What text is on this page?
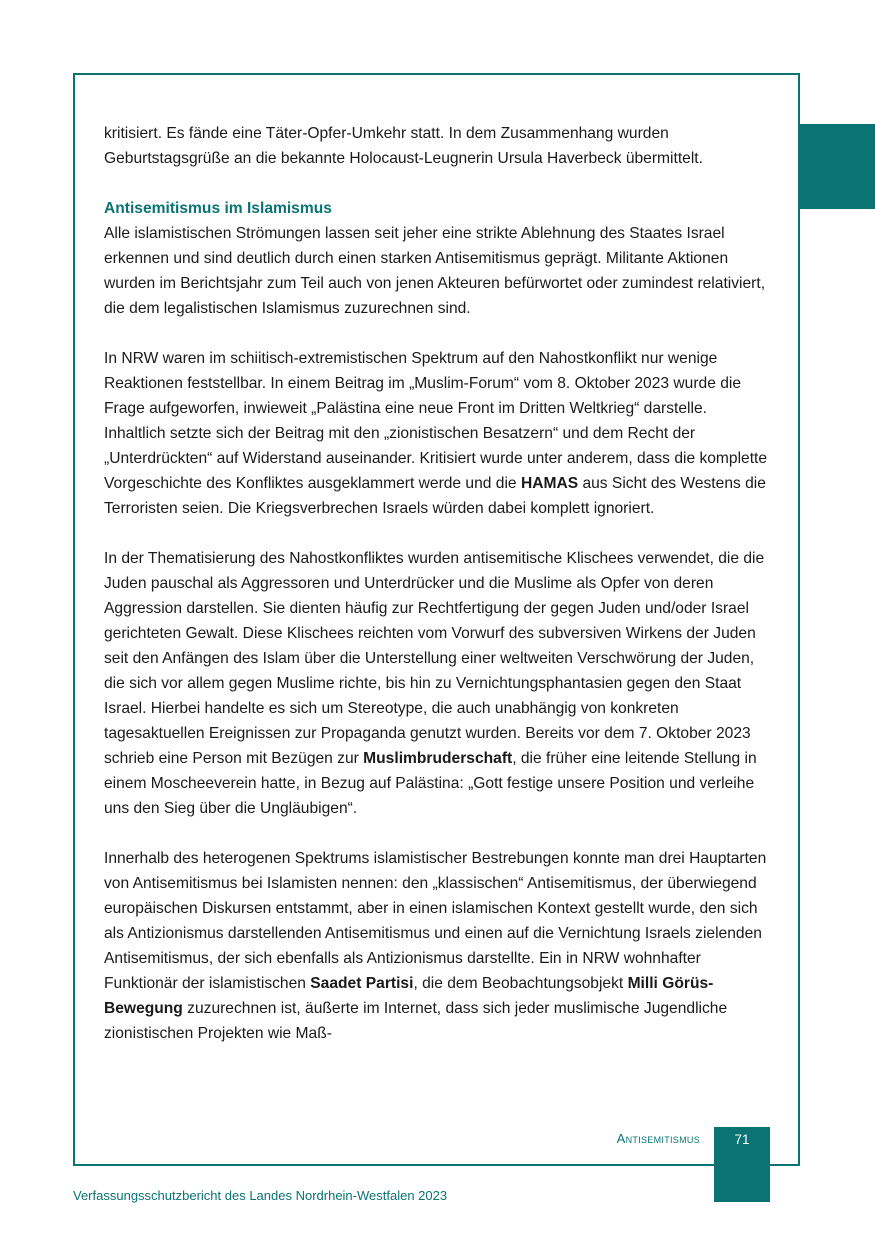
kritisiert. Es fände eine Täter-Opfer-Umkehr statt. In dem Zusammenhang wurden Geburtstagsgrüße an die bekannte Holocaust-Leugnerin Ursula Haverbeck übermittelt.

Antisemitismus im Islamismus

Alle islamistischen Strömungen lassen seit jeher eine strikte Ablehnung des Staates Israel erkennen und sind deutlich durch einen starken Antisemitismus geprägt. Militante Aktionen wurden im Berichtsjahr zum Teil auch von jenen Akteuren befürwortet oder zumindest relativiert, die dem legalistischen Islamismus zuzurechnen sind.

In NRW waren im schiitisch-extremistischen Spektrum auf den Nahostkonflikt nur wenige Reaktionen feststellbar. In einem Beitrag im „Muslim-Forum“ vom 8. Oktober 2023 wurde die Frage aufgeworfen, inwieweit „Palästina eine neue Front im Dritten Weltkrieg“ darstelle. Inhaltlich setzte sich der Beitrag mit den „zionistischen Besatzern“ und dem Recht der „Unterdrückten“ auf Widerstand auseinander. Kritisiert wurde unter anderem, dass die komplette Vorgeschichte des Konfliktes ausgeklammert werde und die HAMAS aus Sicht des Westens die Terroristen seien. Die Kriegsverbrechen Israels würden dabei komplett ignoriert.

In der Thematisierung des Nahostkonfliktes wurden antisemitische Klischees verwendet, die die Juden pauschal als Aggressoren und Unterdrücker und die Muslime als Opfer von deren Aggression darstellen. Sie dienten häufig zur Rechtfertigung der gegen Juden und/oder Israel gerichteten Gewalt. Diese Klischees reichten vom Vorwurf des subversiven Wirkens der Juden seit den Anfängen des Islam über die Unterstellung einer weltweiten Verschwörung der Juden, die sich vor allem gegen Muslime richte, bis hin zu Vernichtungsphantasien gegen den Staat Israel. Hierbei handelte es sich um Stereotype, die auch unabhängig von konkreten tagesaktuellen Ereignissen zur Propaganda genutzt wurden. Bereits vor dem 7. Oktober 2023 schrieb eine Person mit Bezügen zur Muslimbruderschaft, die früher eine leitende Stellung in einem Moscheeverein hatte, in Bezug auf Palästina: „Gott festige unsere Position und verleihe uns den Sieg über die Ungläubigen“.

Innerhalb des heterogenen Spektrums islamistischer Bestrebungen konnte man drei Hauptarten von Antisemitismus bei Islamisten nennen: den „klassischen“ Antisemitismus, der überwiegend europäischen Diskursen entstammt, aber in einen islamischen Kontext gestellt wurde, den sich als Antizionismus darstellenden Antisemitismus und einen auf die Vernichtung Israels zielenden Antisemitismus, der sich ebenfalls als Antizionismus darstellte. Ein in NRW wohnhafter Funktionär der islamistischen Saadet Partisi, die dem Beobachtungsobjekt Milli Görüs-Bewegung zuzurechnen ist, äußerte im Internet, dass sich jeder muslimische Jugendliche zionistischen Projekten wie Maß-

Antisemitismus	71
Verfassungsschutzbericht des Landes Nordrhein-Westfalen 2023
